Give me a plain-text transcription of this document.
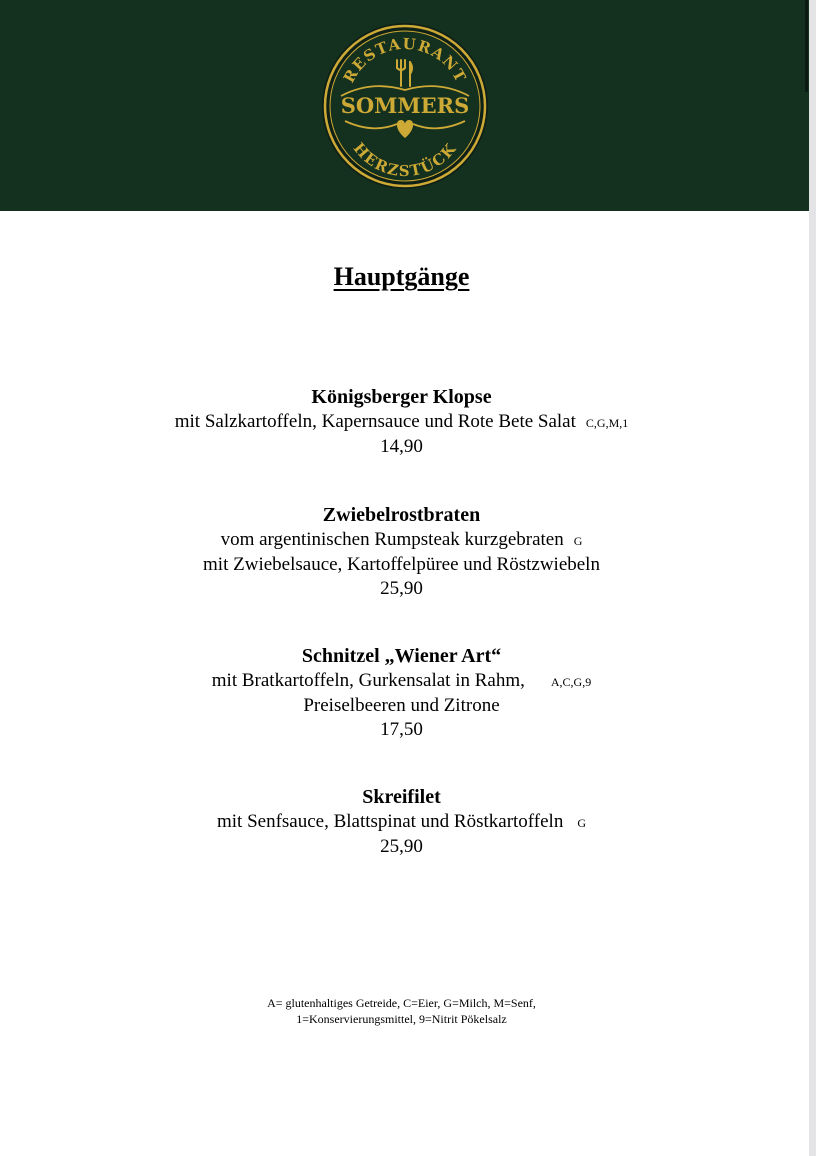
RESTAURANT
HERZSTÜCK
SOMMERS
Hauptgänge
Königsberger Klopse
mit Salzkartoffeln, Kapernsauce und Rote Bete Salat C,G,M,1
14,90
Zwiebelrostbraten
vom argentinischen Rumpsteak kurzgebraten G
mit Zwiebelsauce, Kartoffelpüree und Röstzwiebeln
25,90
Schnitzel „Wiener Art“
mit Bratkartoffeln, Gurkensalat in Rahm, A,C,G,9
Preiselbeeren und Zitrone
17,50
Skreifilet
mit Senfsauce, Blattspinat und Röstkartoffeln G
25,90
A= glutenhaltiges Getreide, C=Eier, G=Milch, M=Senf,
1=Konservierungsmittel, 9=Nitrit Pökelsalz
